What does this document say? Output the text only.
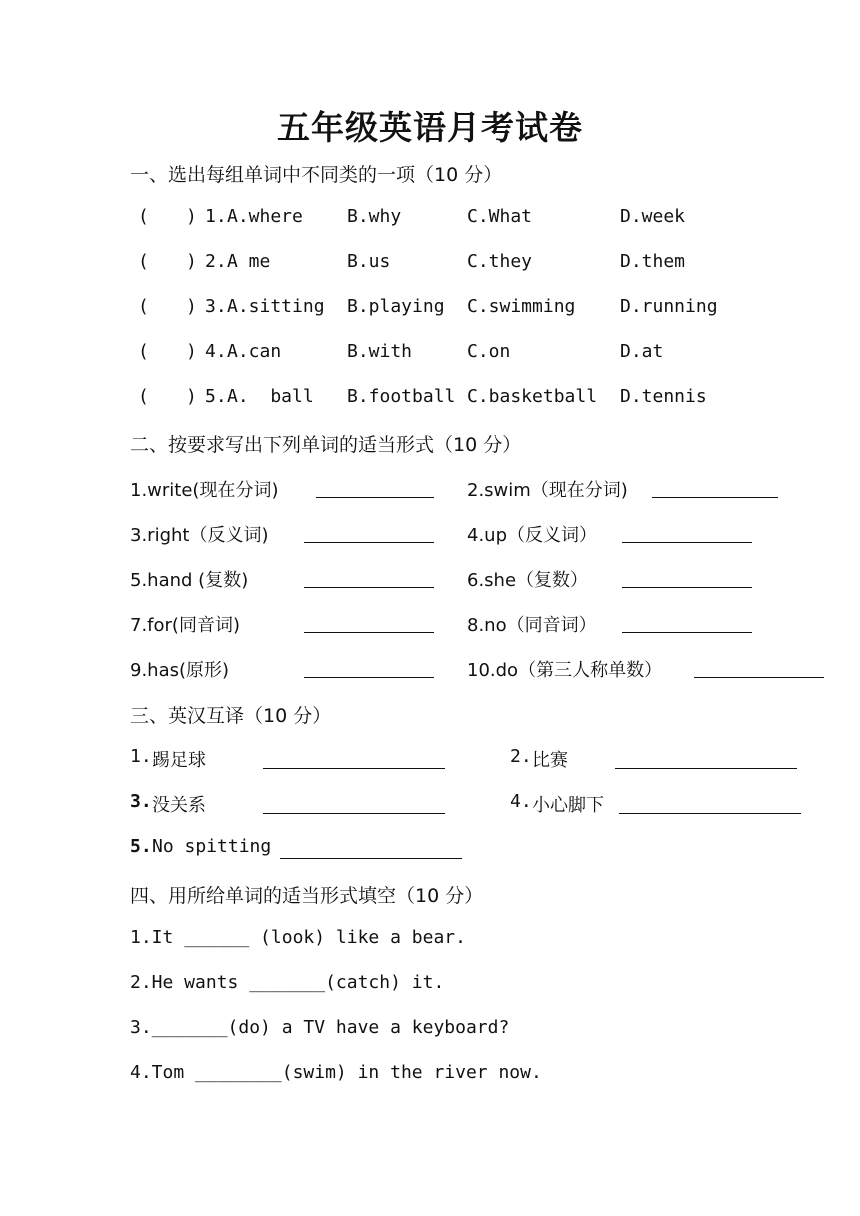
五年级英语月考试卷
一、选出每组单词中不同类的一项（10 分）
( ) 1. A.where B.why	C.What	D.week
( ) 2. A me	B.us	C.they	D.them
( ) 3. A.sitting B.playing C.swimming D.running
( ) 4. A.can	B.with	C.on	D.at
( ) 5. A.  ball B.football C.basketball D.tennis
二、按要求写出下列单词的适当形式（10 分）
1.write(现在分词)	2.swim（现在分词)
3.right（反义词)	4.up（反义词）
5.hand (复数)	6.she（复数）
7.for(同音词)	8.no（同音词）
9.has(原形)	10.do（第三人称单数）
三、英汉互译（10 分）
1. 踢足球	2. 比赛
3. 没关系	4. 小心脚下
5. No spitting
四、用所给单词的适当形式填空（10 分）
1.It ______ (look) like a bear.
2.He wants _______(catch) it.
3._______(do) a TV have a keyboard?
4.Tom ________(swim) in the river now.
